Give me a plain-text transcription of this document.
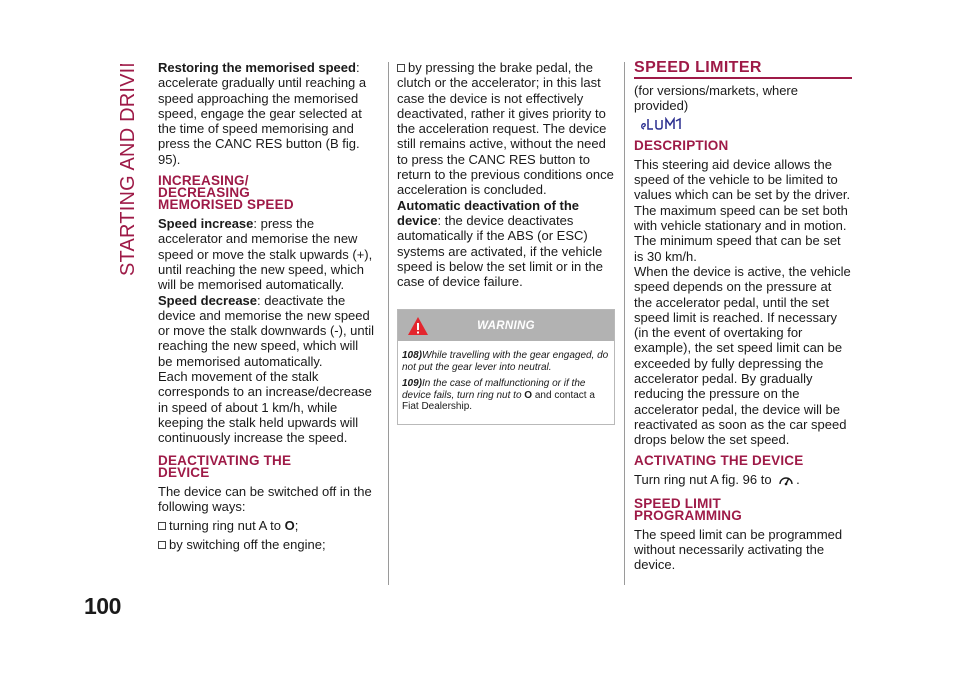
STARTING AND DRIVING
100

Restoring the memorised speed: accelerate gradually until reaching a speed approaching the memorised speed, engage the gear selected at the time of speed memorising and press the CANC RES button (B fig. 95).

INCREASING/
DECREASING
MEMORISED SPEED

Speed increase: press the accelerator and memorise the new speed or move the stalk upwards (+), until reaching the new speed, which will be memorised automatically.

Speed decrease: deactivate the device and memorise the new speed or move the stalk downwards (-), until reaching the new speed, which will be memorised automatically.

Each movement of the stalk corresponds to an increase/decrease in speed of about 1 km/h, while keeping the stalk held upwards will continuously increase the speed.

DEACTIVATING THE
DEVICE

The device can be switched off in the following ways:

turning ring nut A to O;

by switching off the engine;

by pressing the brake pedal, the clutch or the accelerator; in this last case the device is not effectively deactivated, rather it gives priority to the acceleration request. The device still remains active, without the need to press the CANC RES button to return to the previous conditions once acceleration is concluded.

Automatic deactivation of the device: the device deactivates automatically if the ABS (or ESC) systems are activated, if the vehicle speed is below the set limit or in the case of device failure.

WARNING

108)While travelling with the gear engaged, do not put the gear lever into neutral.

109)In the case of malfunctioning or if the device fails, turn ring nut to O and contact a Fiat Dealership.

SPEED LIMITER

(for versions/markets, where provided)

DESCRIPTION

This steering aid device allows the speed of the vehicle to be limited to values which can be set by the driver. The maximum speed can be set both with vehicle stationary and in motion. The minimum speed that can be set is 30 km/h.

When the device is active, the vehicle speed depends on the pressure at the accelerator pedal, until the set speed limit is reached. If necessary (in the event of overtaking for example), the set speed limit can be exceeded by fully depressing the accelerator pedal. By gradually reducing the pressure on the accelerator pedal, the device will be reactivated as soon as the car speed drops below the set speed.

ACTIVATING THE DEVICE

Turn ring nut A fig. 96 to .

SPEED LIMIT
PROGRAMMING

The speed limit can be programmed without necessarily activating the device.
